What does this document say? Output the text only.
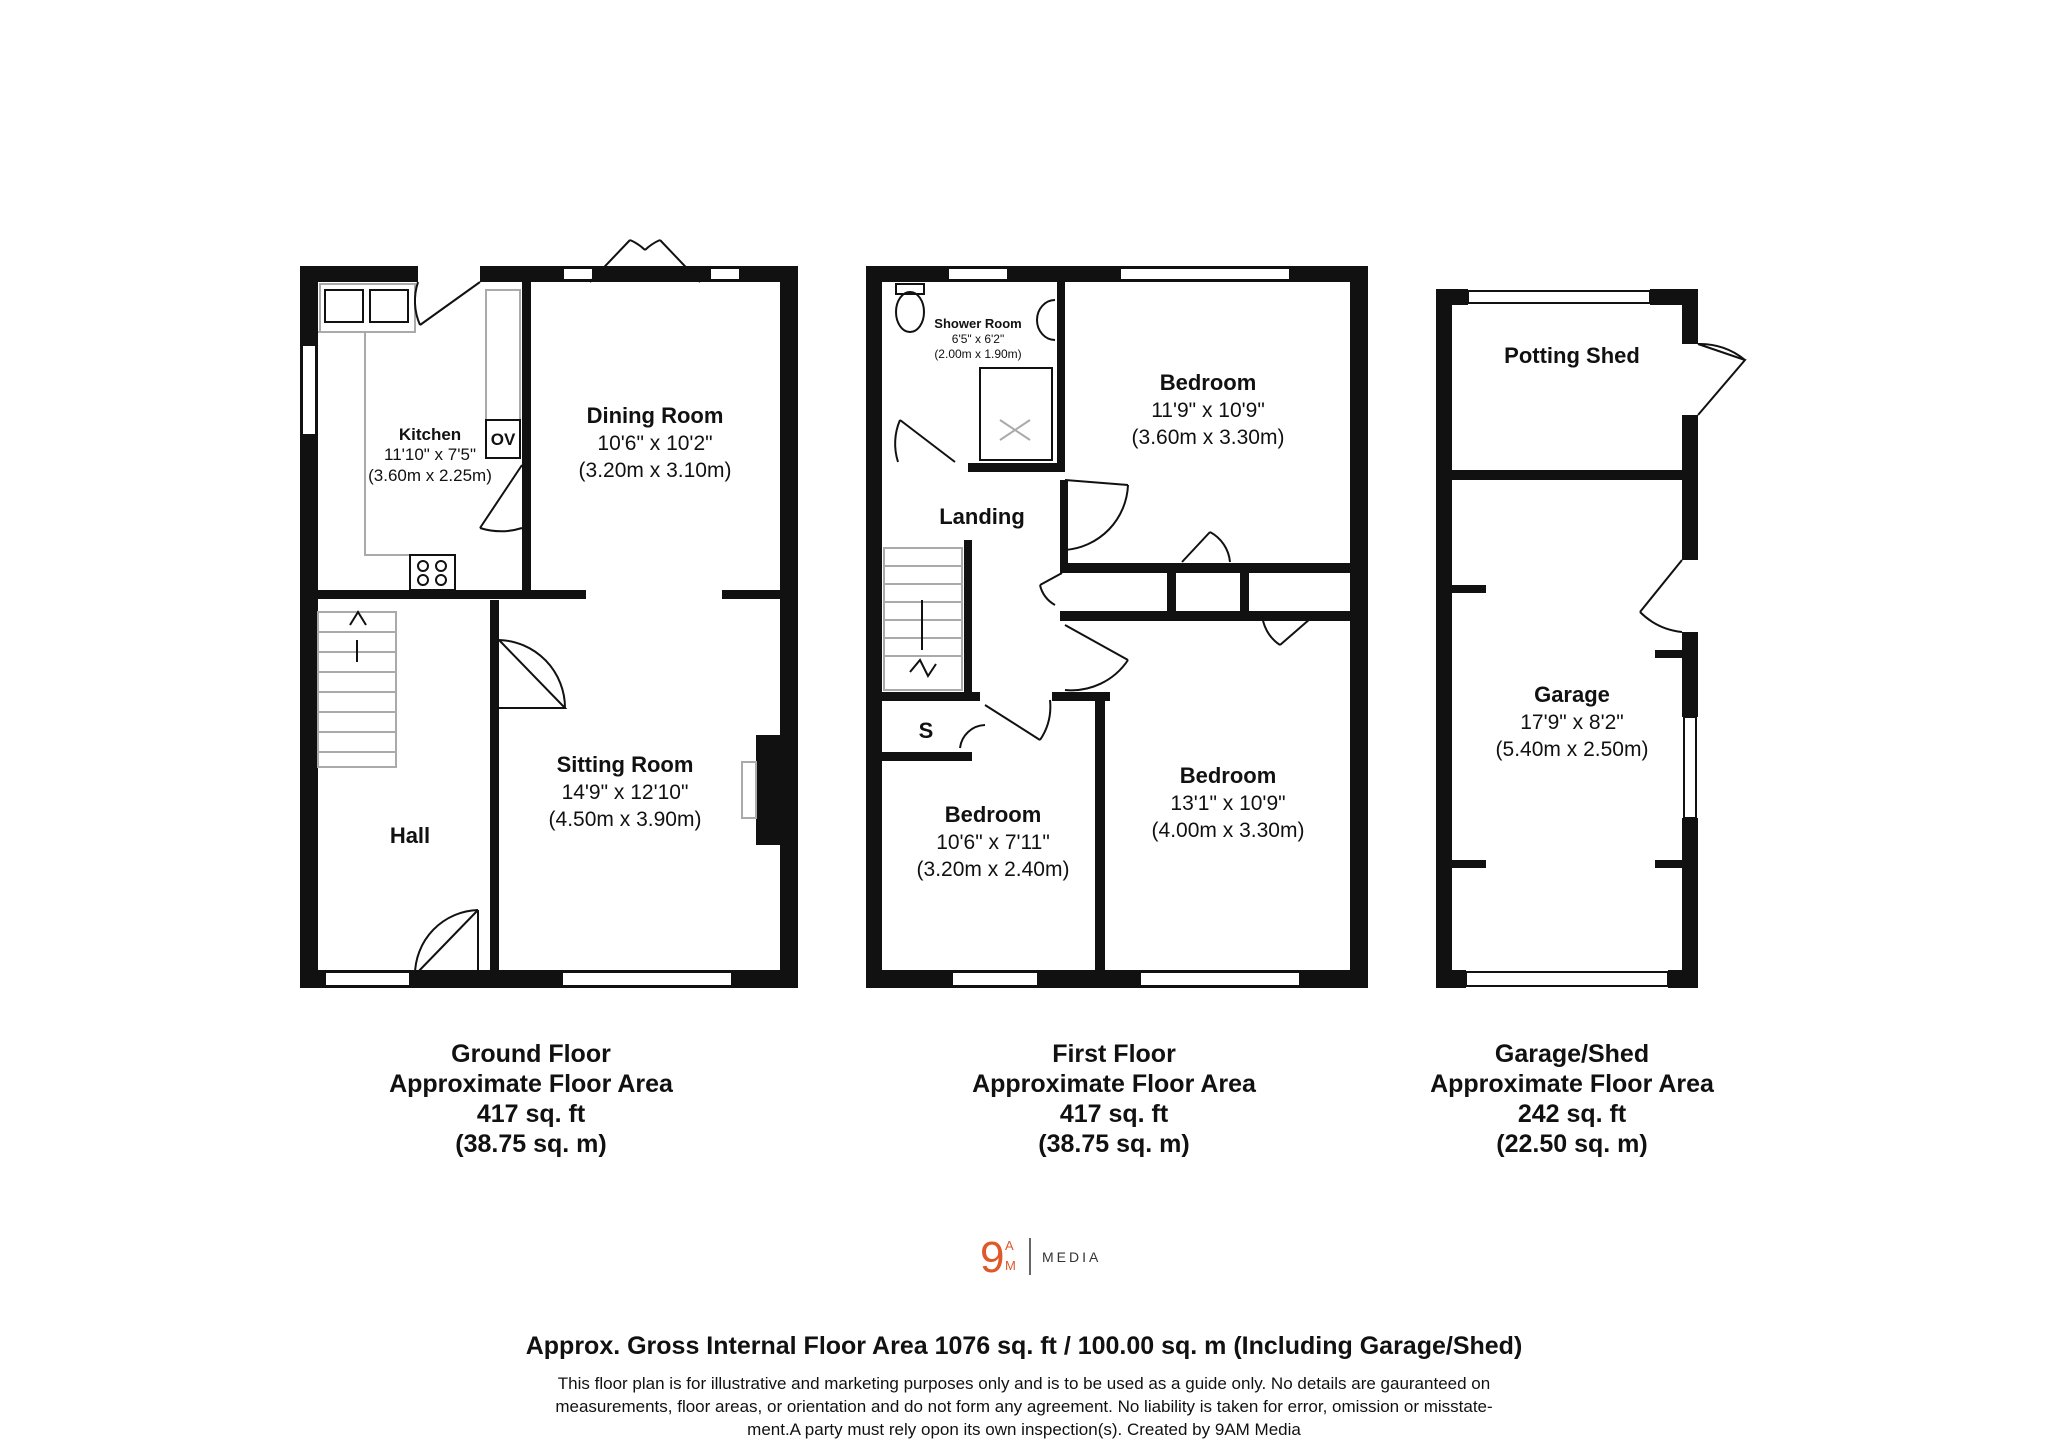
Kitchen
11'10" x 7'5"
(3.60m x 2.25m)
OV
Dining Room
10'6" x 10'2"
(3.20m x 3.10m)
Hall
Sitting Room
14'9" x 12'10"
(4.50m x 3.90m)
Shower Room
6'5" x 6'2"
(2.00m x 1.90m)
Landing
Bedroom
11'9" x 10'9"
(3.60m x 3.30m)
S
Bedroom
10'6" x 7'11"
(3.20m x 2.40m)
Bedroom
13'1" x 10'9"
(4.00m x 3.30m)
Potting Shed
Garage
17'9" x 8'2"
(5.40m x 2.50m)
Ground Floor
Approximate Floor Area
417 sq. ft
(38.75 sq. m)
First Floor
Approximate Floor Area
417 sq. ft
(38.75 sq. m)
Garage/Shed
Approximate Floor Area
242 sq. ft
(22.50 sq. m)
9 A
M
MEDIA
Approx. Gross Internal Floor Area 1076 sq. ft / 100.00 sq. m (Including Garage/Shed)
This floor plan is for illustrative and marketing purposes only and is to be used as a guide only. No details are gauranteed on
measurements, floor areas, or orientation and do not form any agreement. No liability is taken for error, omission or misstate-
ment.A party must rely opon its own inspection(s). Created by 9AM Media
